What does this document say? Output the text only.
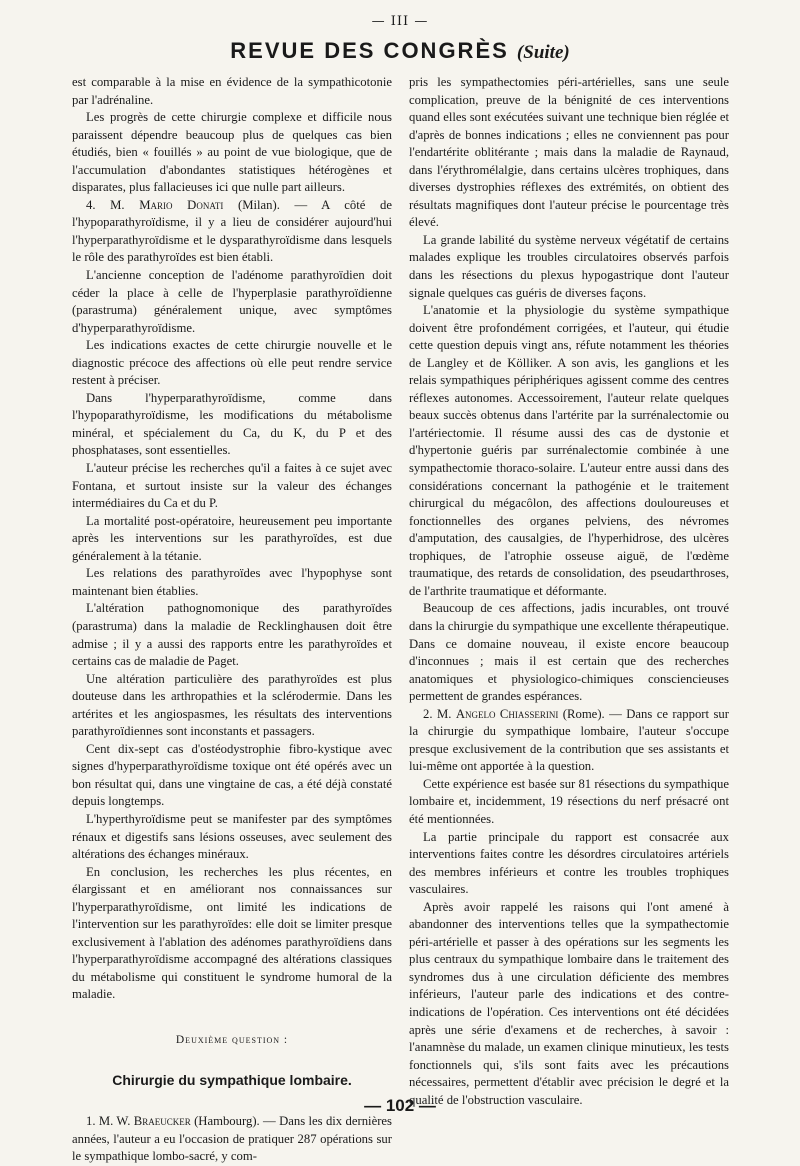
— III —
REVUE DES CONGRÈS (Suite)

est comparable à la mise en évidence de la sympathicotonie par l'adrénaline.

Les progrès de cette chirurgie complexe et difficile nous paraissent dépendre beaucoup plus de quelques cas bien étudiés, bien « fouillés » au point de vue biologique, que de l'accumulation d'abondantes statistiques hétérogènes et disparates, plus fallacieuses ici que nulle part ailleurs.

4. M. Mario Donati (Milan). — A côté de l'hypoparathyroïdisme, il y a lieu de considérer aujourd'hui l'hyperparathyroïdisme et le dysparathyroïdisme dans lesquels le rôle des parathyroïdes est bien établi.

L'ancienne conception de l'adénome parathyroïdien doit céder la place à celle de l'hyperplasie parathyroïdienne (parastruma) généralement unique, avec symptômes d'hyperparathyroïdisme.

Les indications exactes de cette chirurgie nouvelle et le diagnostic précoce des affections où elle peut rendre service restent à préciser.

Dans l'hyperparathyroïdisme, comme dans l'hypoparathyroïdisme, les modifications du métabolisme minéral, et spécialement du Ca, du K, du P et des phosphatases, sont essentielles.

L'auteur précise les recherches qu'il a faites à ce sujet avec Fontana, et surtout insiste sur la valeur des échanges intermédiaires du Ca et du P.

La mortalité post-opératoire, heureusement peu importante après les interventions sur les parathyroïdes, est due généralement à la tétanie.

Les relations des parathyroïdes avec l'hypophyse sont maintenant bien établies.

L'altération pathognomonique des parathyroïdes (parastruma) dans la maladie de Recklinghausen doit être admise ; il y a aussi des rapports entre les parathyroïdes et certains cas de maladie de Paget.

Une altération particulière des parathyroïdes est plus douteuse dans les arthropathies et la sclérodermie. Dans les artérites et les angiospasmes, les résultats des interventions parathyroïdiennes sont inconstants et passagers.

Cent dix-sept cas d'ostéodystrophie fibro-kystique avec signes d'hyperparathyroïdisme toxique ont été opérés avec un bon résultat qui, dans une vingtaine de cas, a été déjà constaté depuis longtemps.

L'hyperthyroïdisme peut se manifester par des symptômes rénaux et digestifs sans lésions osseuses, avec seulement des altérations des échanges minéraux.

En conclusion, les recherches les plus récentes, en élargissant et en améliorant nos connaissances sur l'hyperparathyroïdisme, ont limité les indications de l'intervention sur les parathyroïdes: elle doit se limiter presque exclusivement à l'ablation des adénomes parathyroïdiens dans l'hyperparathyroïdisme accompagné des altérations classiques du métabolisme qui constituent le syndrome humoral de la maladie.

Deuxième question :
Chirurgie du sympathique lombaire.

1. M. W. Braeucker (Hambourg). — Dans les dix dernières années, l'auteur a eu l'occasion de pratiquer 287 opérations sur le sympathique lombo-sacré, y com-

pris les sympathectomies péri-artérielles, sans une seule complication, preuve de la bénignité de ces interventions quand elles sont exécutées suivant une technique bien réglée et d'après de bonnes indications ; elles ne conviennent pas pour l'endartérite oblitérante ; mais dans la maladie de Raynaud, dans l'érythromélalgie, dans certains ulcères trophiques, dans diverses dystrophies réflexes des extrémités, on obtient des résultats magnifiques dont l'auteur précise le pourcentage très élevé.

La grande labilité du système nerveux végétatif de certains malades explique les troubles circulatoires observés parfois dans les résections du plexus hypogastrique dont l'auteur signale quelques cas guéris de diverses façons.

L'anatomie et la physiologie du système sympathique doivent être profondément corrigées, et l'auteur, qui étudie cette question depuis vingt ans, réfute notamment les théories de Langley et de Kölliker. A son avis, les ganglions et les relais sympathiques périphériques agissent comme des centres réflexes autonomes. Accessoirement, l'auteur relate quelques beaux succès obtenus dans l'artérite par la surrénalectomie ou l'artériectomie. Il résume aussi des cas de dystonie et d'hypertonie guéris par surrénalectomie combinée à une sympathectomie thoraco-solaire. L'auteur entre aussi dans des considérations concernant la pathogénie et le traitement chirurgical du mégacôlon, des affections douloureuses et fonctionnelles des organes pelviens, des névromes d'amputation, des causalgies, de l'hyperhidrose, des ulcères trophiques, de l'atrophie osseuse aiguë, de l'œdème traumatique, des retards de consolidation, des pseudarthroses, de l'arthrite traumatique et déformante.

Beaucoup de ces affections, jadis incurables, ont trouvé dans la chirurgie du sympathique une excellente thérapeutique. Dans ce domaine nouveau, il existe encore beaucoup d'inconnues ; mais il est certain que des recherches anatomiques et physiologico-chimiques consciencieuses permettent de grandes espérances.

2. M. Angelo Chiasserini (Rome). — Dans ce rapport sur la chirurgie du sympathique lombaire, l'auteur s'occupe presque exclusivement de la contribution que ses assistants et lui-même ont apportée à la question.

Cette expérience est basée sur 81 résections du sympathique lombaire et, incidemment, 19 résections du nerf présacré ont été mentionnées.

La partie principale du rapport est consacrée aux interventions faites contre les désordres circulatoires artériels des membres inférieurs et contre les troubles trophiques vasculaires.

Après avoir rappelé les raisons qui l'ont amené à abandonner des interventions telles que la sympathectomie péri-artérielle et passer à des opérations sur les segments les plus centraux du sympathique lombaire dans le traitement des syndromes dus à une circulation déficiente des membres inférieurs, l'auteur parle des indications et des contre-indications de l'opération. Ces interventions ont été décidées après une série d'examens et de recherches, à savoir : l'anamnèse du malade, un examen clinique minutieux, les tests fonctionnels qui, s'ils sont faits avec les précautions nécessaires, permettent d'établir avec précision le degré et la qualité de l'obstruction vasculaire.

— 102 —
